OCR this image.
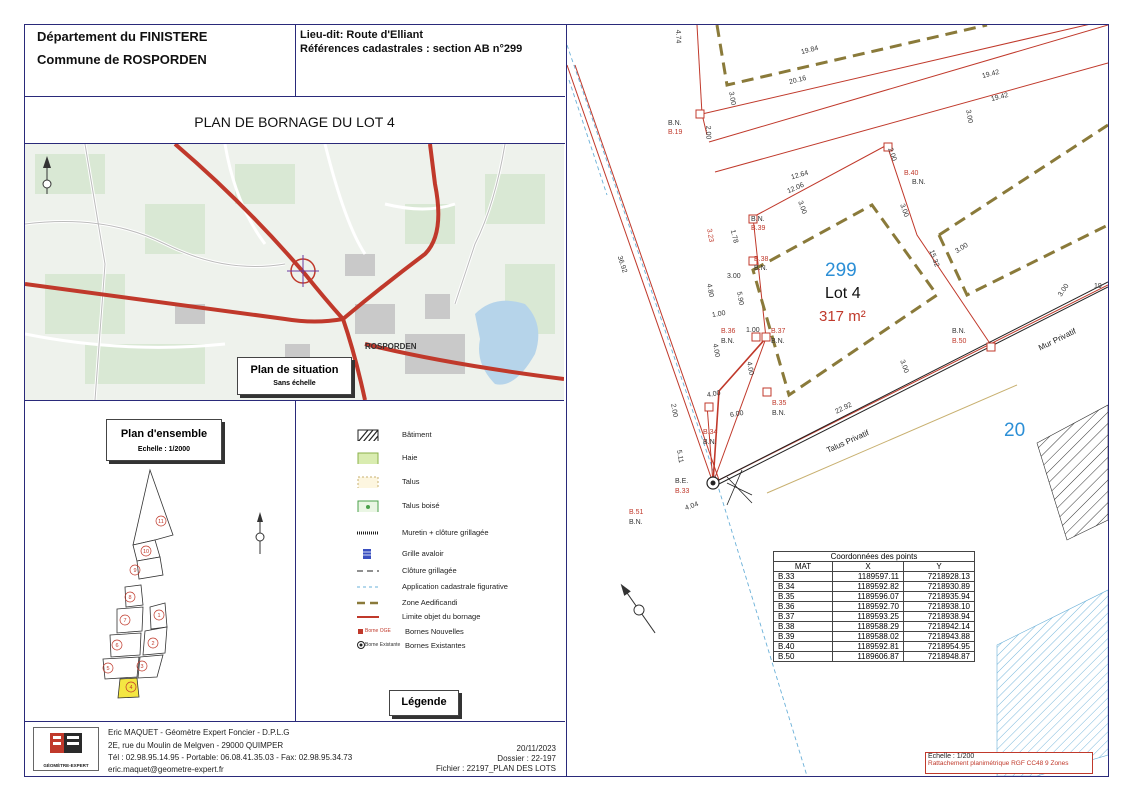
Département du FINISTERE
Commune de ROSPORDEN
Lieu-dit: Route d'Elliant
Références cadastrales : section AB n°299
PLAN DE BORNAGE DU LOT 4
ROSPORDEN
Plan de situation
Sans échelle
Plan d'ensemble
Echelle : 1/2000
11
10
9
8
7
6
5
1
2
3
4
Bâtiment
Haie
Talus
Talus boisé
Muretin + clôture grillagée
Grille avaloir
Clôture grillagée
Application cadastrale figurative
Zone Aedificandi
Limite objet du bornage
Borne OGE Bornes Nouvelles
Borne Existante Bornes Existantes
Légende
GÉOMÈTRE-EXPERT
Eric MAQUET - Géomètre Expert Foncier - D.P.L.G
2E, rue du Moulin de Melgven - 29000 QUIMPER
Tél : 02.98.95.14.95 - Portable: 06.08.41.35.03 - Fax: 02.98.95.34.73
eric.maquet@geometre-expert.fr
20/11/2023
Dossier : 22-197
Fichier : 22197_PLAN DES LOTS
299
Lot 4
317 m²
20
Mur Privatif
Talus Privatif
4.74
19.84
20.16
19.42
19.42
3.00
3.00
2.00
12.64
12.06
3.00
2.00
3.00
15.32
3.00
3.00
1.78
3.23
3.00
4.80
5.90
1.00
4.00
1.00
4.00
4.00
6.00	22.92
3.00
2.00
5.11
4.04
36.92
19
B.N.
B.19
B.N.
B.39
B.38
B.N.
B.40
B.N.
B.36
B.N.
B.37
B.N.
B.N.
B.50
B.35
B.N.
B.34
B.N.
B.E.
B.33
B.51
B.N.
Coordonnées des points		
MAT	X	Y
B.33	1189597.11	7218928.13
B.34	1189592.82	7218930.89
B.35	1189596.07	7218935.94
B.36	1189592.70	7218938.10
B.37	1189593.25	7218938.94
B.38	1189588.29	7218942.14
B.39	1189588.02	7218943.88
B.40	1189592.81	7218954.95
B.50	1189606.87	7218948.87
Echelle : 1/200
Rattachement planimétrique RGF CC48 9 Zones
